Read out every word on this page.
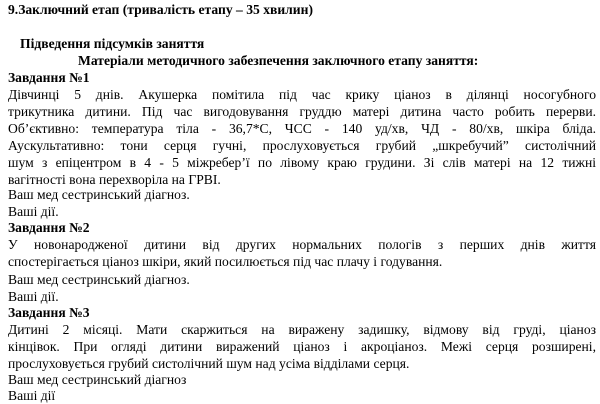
9.Заключний етап (тривалість етапу – 35 хвилин)
Підведення підсумків заняття
Матеріали методичного забезпечення заключного етапу заняття:
Завдання №1
Дівчинці 5 днів. Акушерка помітила під час крику ціаноз в ділянці носогубного
трикутника дитини. Під час вигодовування груддю матері дитина часто робить перерви.
Об’єктивно: температура тіла - 36,7*С, ЧСС - 140 уд/хв, ЧД - 80/хв, шкіра бліда.
Аускультативно: тони серця гучні, прослуховується грубий „шкребучий” систолічний
шум з епіцентром в 4 - 5 міжребер’ї по лівому краю грудини. Зі слів матері на 12 тижні
вагітності вона перехворіла на ГРВІ.
Ваш мед сестринський діагноз.
Ваші дії.
Завдання №2
У новонародженої дитини від других нормальних пологів з перших днів життя
спостерігається ціаноз шкіри, який посилюється під час плачу і годування.
Ваш мед сестринський діагноз.
Ваші дії.
Завдання №3
Дитині 2 місяці. Мати скаржиться на виражену задишку, відмову від груді, ціаноз
кінцівок. При огляді дитини виражений ціаноз і акроціаноз. Межі серця розширені,
прослуховується грубий систолічний шум над усіма відділами серця.
Ваш мед сестринський діагноз
Ваші дії
